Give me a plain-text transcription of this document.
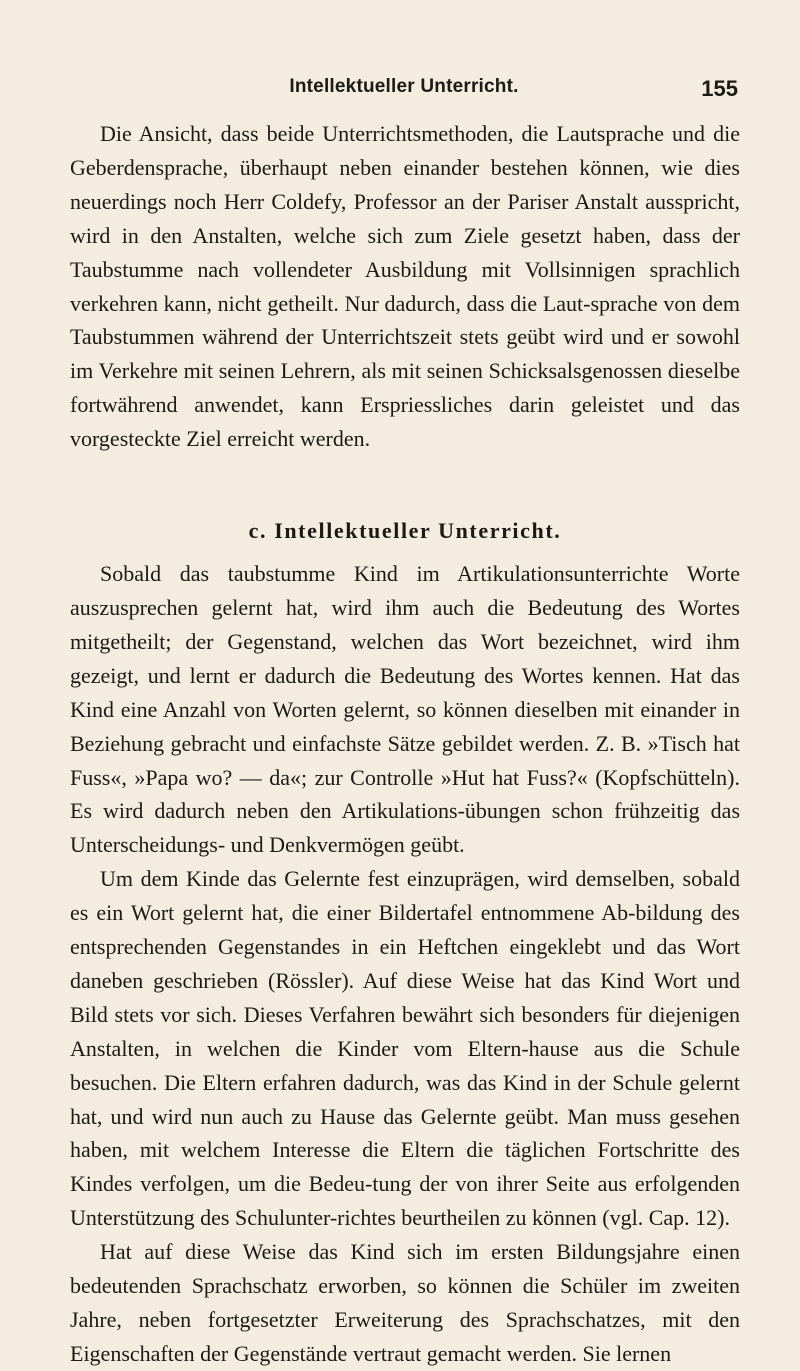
Intellektueller Unterricht.	155

Die Ansicht, dass beide Unterrichtsmethoden, die Lautsprache und die Geberdensprache, überhaupt neben einander bestehen können, wie dies neuerdings noch Herr Coldefy, Professor an der Pariser Anstalt ausspricht, wird in den Anstalten, welche sich zum Ziele gesetzt haben, dass der Taubstumme nach vollendeter Ausbildung mit Vollsinnigen sprachlich verkehren kann, nicht getheilt. Nur dadurch, dass die Laut-sprache von dem Taubstummen während der Unterrichtszeit stets geübt wird und er sowohl im Verkehre mit seinen Lehrern, als mit seinen Schicksalsgenossen dieselbe fortwährend anwendet, kann Erspriessliches darin geleistet und das vorgesteckte Ziel erreicht werden.

c. Intellektueller Unterricht.

Sobald das taubstumme Kind im Artikulationsunterrichte Worte auszusprechen gelernt hat, wird ihm auch die Bedeutung des Wortes mitgetheilt; der Gegenstand, welchen das Wort bezeichnet, wird ihm gezeigt, und lernt er dadurch die Bedeutung des Wortes kennen. Hat das Kind eine Anzahl von Worten gelernt, so können dieselben mit einander in Beziehung gebracht und einfachste Sätze gebildet werden. Z. B. »Tisch hat Fuss«, »Papa wo? — da«; zur Controlle »Hut hat Fuss?« (Kopfschütteln). Es wird dadurch neben den Artikulations-übungen schon frühzeitig das Unterscheidungs- und Denkvermögen geübt.

Um dem Kinde das Gelernte fest einzuprägen, wird demselben, sobald es ein Wort gelernt hat, die einer Bildertafel entnommene Ab-bildung des entsprechenden Gegenstandes in ein Heftchen eingeklebt und das Wort daneben geschrieben (Rössler). Auf diese Weise hat das Kind Wort und Bild stets vor sich. Dieses Verfahren bewährt sich besonders für diejenigen Anstalten, in welchen die Kinder vom Eltern-hause aus die Schule besuchen. Die Eltern erfahren dadurch, was das Kind in der Schule gelernt hat, und wird nun auch zu Hause das Gelernte geübt. Man muss gesehen haben, mit welchem Interesse die Eltern die täglichen Fortschritte des Kindes verfolgen, um die Bedeu-tung der von ihrer Seite aus erfolgenden Unterstützung des Schulunter-richtes beurtheilen zu können (vgl. Cap. 12).

Hat auf diese Weise das Kind sich im ersten Bildungsjahre einen bedeutenden Sprachschatz erworben, so können die Schüler im zweiten Jahre, neben fortgesetzter Erweiterung des Sprachschatzes, mit den Eigenschaften der Gegenstände vertraut gemacht werden. Sie lernen
